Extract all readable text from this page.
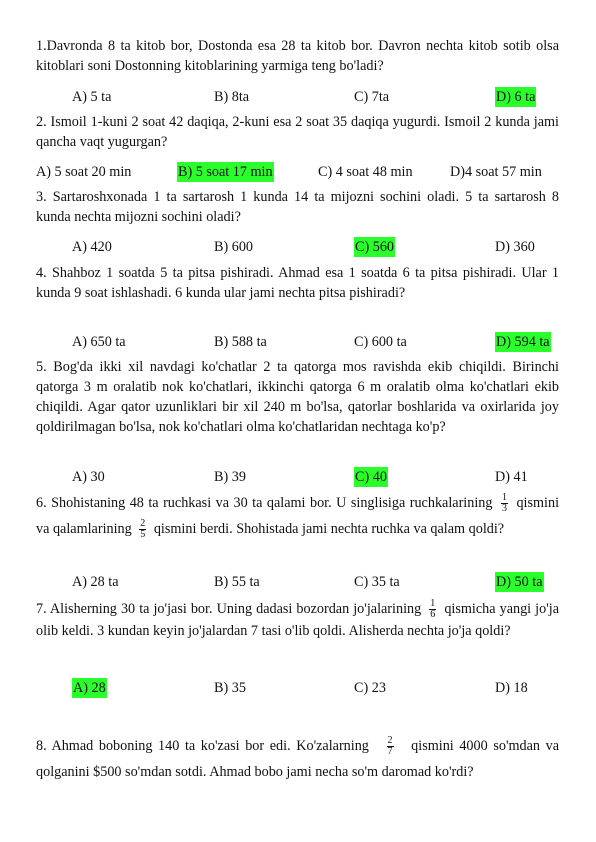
1.Davronda 8 ta kitob bor, Dostonda esa 28 ta kitob bor. Davron nechta kitob sotib olsa kitoblari soni Dostonning kitoblarining yarmiga teng bo'ladi?

A) 5 ta	B) 8ta	C) 7ta	D) 6 ta

2. Ismoil 1-kuni 2 soat 42 daqiqa, 2-kuni esa 2 soat 35 daqiqa yugurdi. Ismoil 2 kunda jami qancha vaqt yugurgan?

A) 5 soat 20 min	B) 5 soat 17 min	C) 4 soat 48 min	D)4 soat 57 min

3. Sartaroshxonada 1 ta sartarosh 1 kunda 14 ta mijozni sochini oladi. 5 ta sartarosh 8 kunda nechta mijozni sochini oladi?

A) 420	B) 600	C) 560	D) 360

4. Shahboz 1 soatda 5 ta pitsa pishiradi. Ahmad esa 1 soatda 6 ta pitsa pishiradi. Ular 1 kunda 9 soat ishlashadi. 6 kunda ular jami nechta pitsa pishiradi?

A) 650 ta	B) 588 ta	C) 600 ta	D) 594 ta

5. Bog'da ikki xil navdagi ko'chatlar 2 ta qatorga mos ravishda ekib chiqildi. Birinchi qatorga 3 m oralatib nok ko'chatlari, ikkinchi qatorga 6 m oralatib olma ko'chatlari ekib chiqildi. Agar qator uzunliklari bir xil 240 m bo'lsa, qatorlar boshlarida va oxirlarida joy qoldirilmagan bo'lsa, nok ko'chatlari olma ko'chatlaridan nechtaga ko'p?

A) 30	B) 39	C) 40	D) 41

6. Shohistaning 48 ta ruchkasi va 30 ta qalami bor. U singlisiga ruchkalarining $\frac{1}{3}$ qismini va qalamlarining $\frac{2}{5}$ qismini berdi. Shohistada jami nechta ruchka va qalam qoldi?

A) 28 ta	B) 55 ta	C) 35 ta	D) 50 ta

7. Alisherning 30 ta jo'jasi bor. Uning dadasi bozordan jo'jalarining $\frac{1}{6}$ qismicha yangi jo'ja olib keldi. 3 kundan keyin jo'jalardan 7 tasi o'lib qoldi. Alisherda nechta jo'ja qoldi?

A) 28	B) 35	C) 23	D) 18

8. Ahmad boboning 140 ta ko'zasi bor edi. Ko'zalarning $\frac{2}{7}$ qismini 4000 so'mdan va qolganini $500 so'mdan sotdi. Ahmad bobo jami necha so'm daromad ko'rdi?
